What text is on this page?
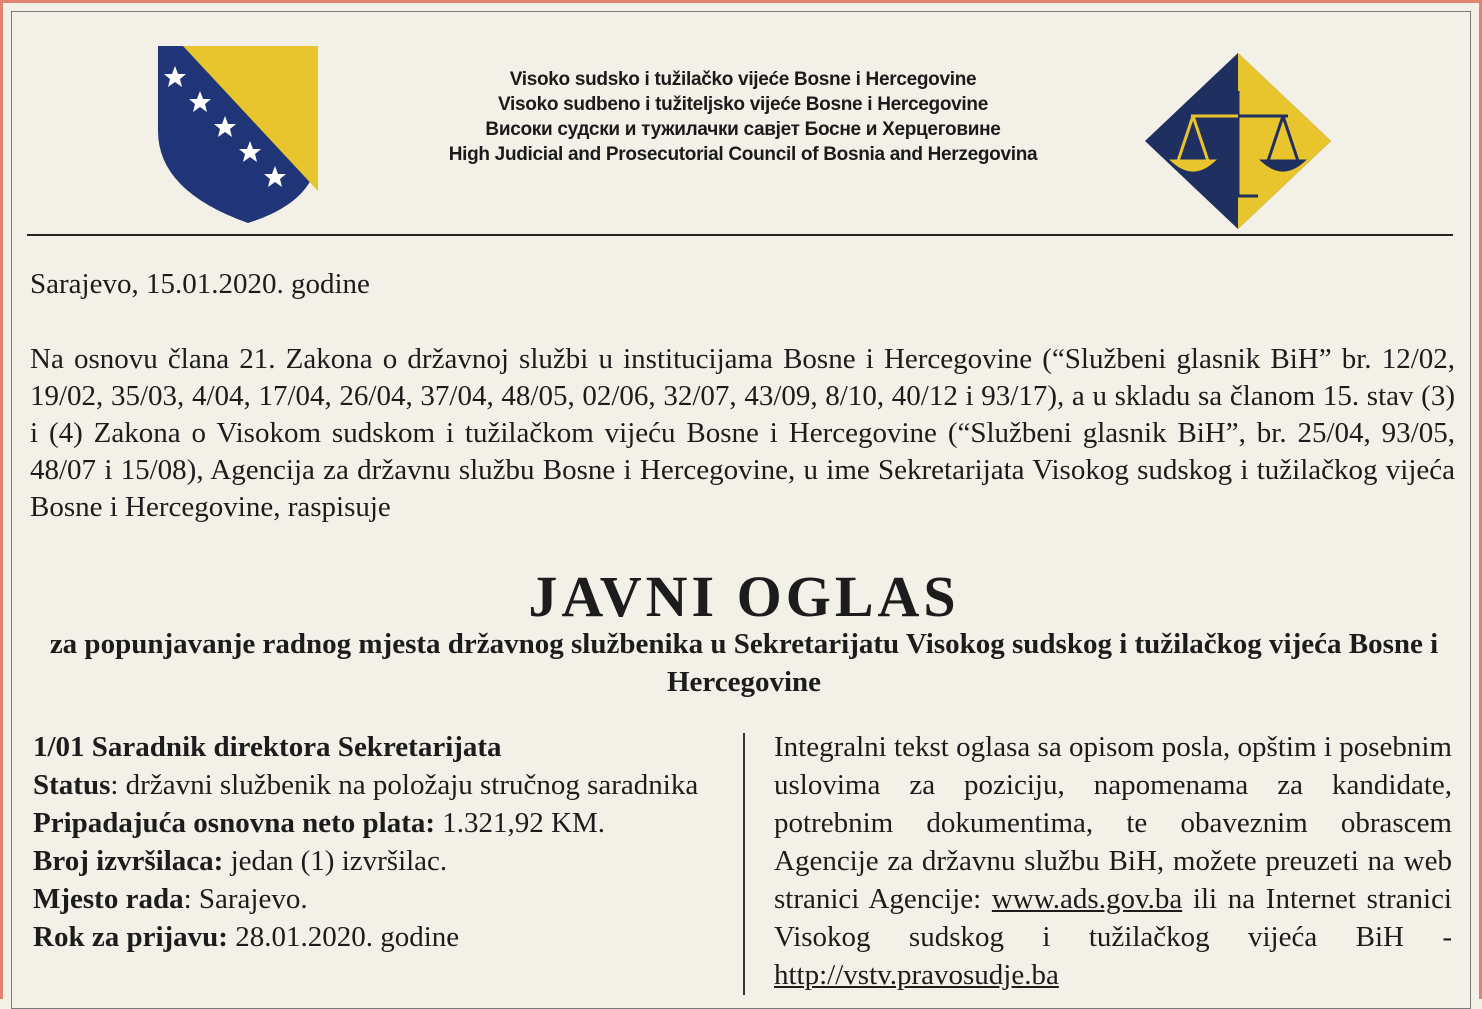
Visoko sudsko i tužilačko vijeće Bosne i Hercegovine
Visoko sudbeno i tužiteljsko vijeće Bosne i Hercegovine
Високи судски и тужилачки савјет Босне и Херцеговине
High Judicial and Prosecutorial Council of Bosnia and Herzegovina
Sarajevo, 15.01.2020. godine
Na osnovu člana 21. Zakona o državnoj službi u institucijama Bosne i Hercegovine (“Službeni glasnik BiH” br. 12/02, 19/02, 35/03, 4/04, 17/04, 26/04, 37/04, 48/05, 02/06, 32/07, 43/09, 8/10, 40/12 i 93/17), a u skladu sa članom 15. stav (3) i (4) Zakona o Visokom sudskom i tužilačkom vijeću Bosne i Hercegovine (“Službeni glasnik BiH”, br. 25/04, 93/05, 48/07 i 15/08), Agencija za državnu službu Bosne i Hercegovine, u ime Sekretarijata Visokog sudskog i tužilačkog vijeća Bosne i Hercegovine, raspisuje
JAVNI OGLAS
za popunjavanje radnog mjesta državnog službenika u Sekretarijatu Visokog sudskog i tužilačkog vijeća Bosne i Hercegovine

1/01 Saradnik direktora Sekretarijata

Status: državni službenik na položaju stručnog saradnika

Pripadajuća osnovna neto plata: 1.321,92 KM.

Broj izvršilaca: jedan (1) izvršilac.

Mjesto rada: Sarajevo.

Rok za prijavu: 28.01.2020. godine

Integralni tekst oglasa sa opisom posla, opštim i posebnim uslovima za poziciju, napomenama za kandidate, potrebnim dokumentima, te obaveznim obrascem Agencije za državnu službu BiH, možete preuzeti na web stranici Agencije: www.ads.gov.ba ili na Internet stranici Visokog sudskog i tužilačkog vijeća BiH - http://vstv.pravosudje.ba
